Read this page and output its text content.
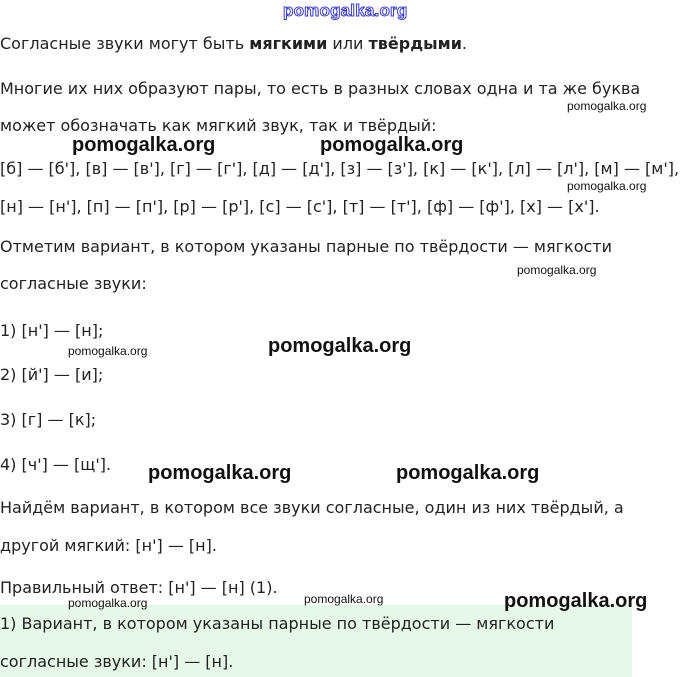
pomogalka.org

Согласные звуки могут быть мягкими или твёрдыми.

Многие их них образуют пары, то есть в разных словах одна и та же буква

может обозначать как мягкий звук, так и твёрдый:

[б] — [б'], [в] — [в'], [г] — [г'], [д] — [д'], [з] — [з'], [к] — [к'], [л] — [л'], [м] — [м'],

[н] — [н'], [п] — [п'], [р] — [р'], [с] — [с'], [т] — [т'], [ф] — [ф'], [х] — [х'].

Отметим вариант, в котором указаны парные по твёрдости — мягкости

согласные звуки:

1) [н'] — [н];

2) [й'] — [и];

3) [г] — [к];

4) [ч'] — [щ'].

Найдём вариант, в котором все звуки согласные, один из них твёрдый, а

другой мягкий: [н'] — [н].

Правильный ответ: [н'] — [н] (1).

1) Вариант, в котором указаны парные по твёрдости — мягкости

согласные звуки: [н'] — [н].

pomogalka.org
pomogalka.org	pomogalka.org
pomogalka.org
pomogalka.org
pomogalka.org	pomogalka.org
pomogalka.org	pomogalka.org
pomogalka.org	pomogalka.org	pomogalka.org
